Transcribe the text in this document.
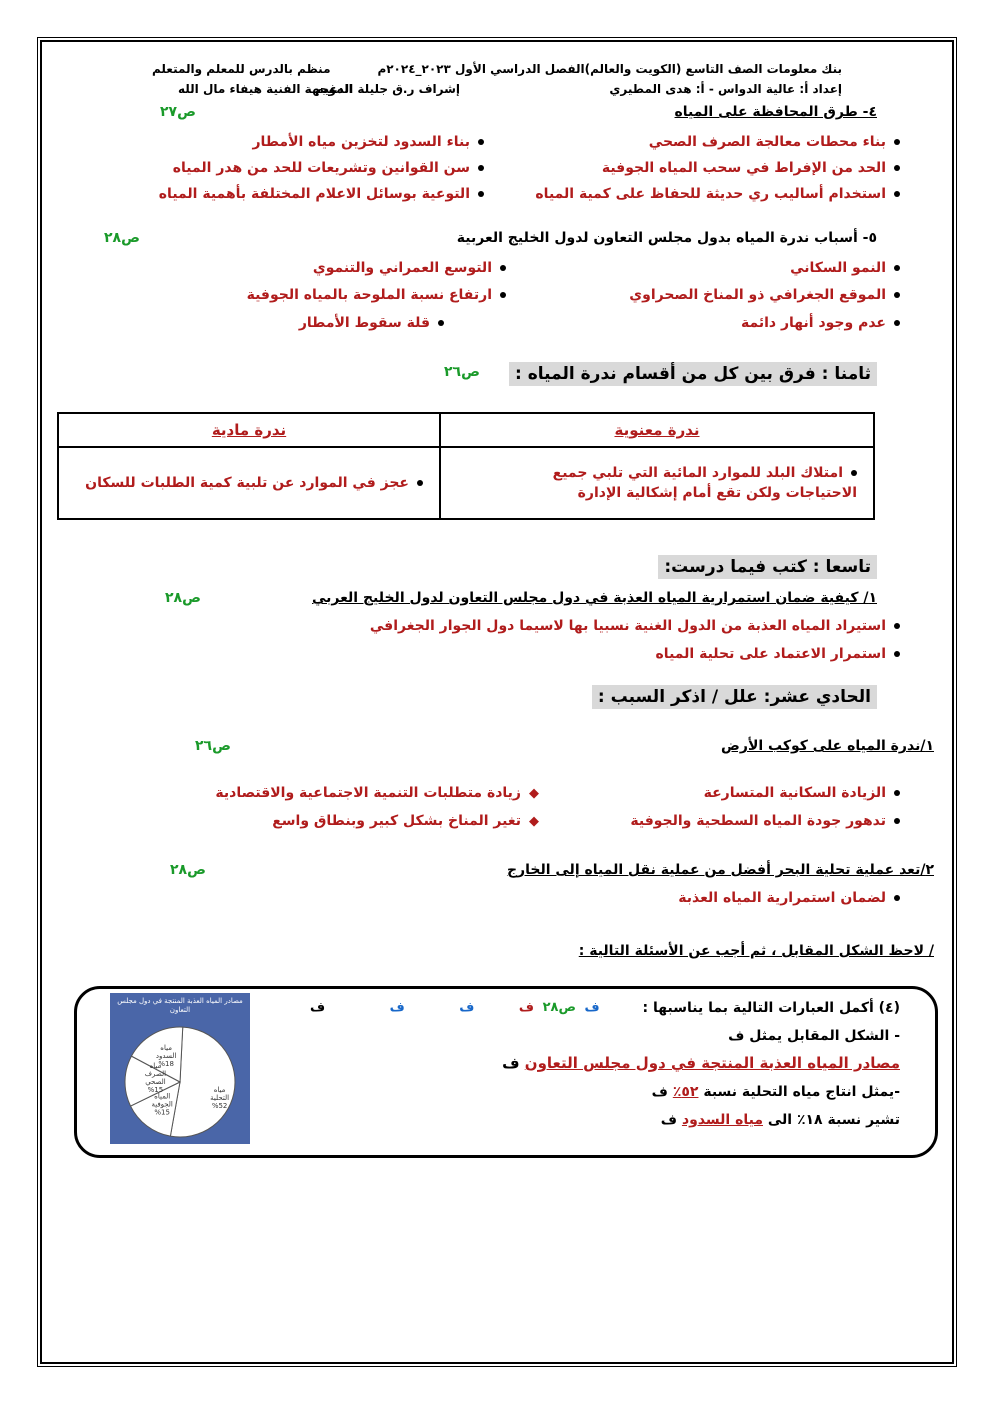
بنك معلومات الصف التاسع (الكويت والعالم)الفصل الدراسي الأول ٢٠٢٣_٢٠٢٤م
منظم بالدرس للمعلم والمتعلم
إعداد أ: عالية الدواس - أ: هدى المطيري
إشراف ر.ق جليلة الدغيم
الموجهة الفنية هيفاء مال الله
٤- طرق المحافظة على المياه
ص٢٧
بناء محطات معالجة الصرف الصحي
الحد من الإفراط في سحب المياه الجوفية
استخدام أساليب ري حديثة للحفاظ على كمية المياه
بناء السدود لتخزين مياه الأمطار
سن القوانين وتشريعات للحد من هدر المياه
التوعية بوسائل الاعلام المختلفة بأهمية المياه
٥- أسباب ندرة المياه بدول مجلس التعاون لدول الخليج العربية
ص٢٨
النمو السكاني
الموقع الجغرافي ذو المناخ الصحراوي
عدم وجود أنهار دائمة
التوسع العمراني والتنموي
ارتفاع نسبة الملوحة بالمياه الجوفية
قلة سقوط الأمطار
ثامنا : فرق بين كل من أقسام ندرة المياه :
ص٢٦
ندرة معنوية	ندرة مادية

امتلاك البلد للموارد المائية التي تلبي جميع
الاحتياجات ولكن تقع أمام إشكالية الإدارة	عجز في الموارد عن تلبية كمية الطلبات للسكان
تاسعا : كتب فيما درست:
١/ كيفية ضمان استمرارية المياه العذبة في دول مجلس التعاون لدول الخليج العربي
ص٢٨
استيراد المياه العذبة من الدول الغنية نسبيا بها لاسيما دول الجوار الجغرافي
استمرار الاعتماد على تحلية المياه
الحادي عشر: علل / اذكر السبب :
١/ندرة المياه على كوكب الأرض
ص٢٦
الزيادة السكانية المتسارعة
تدهور جودة المياه السطحية والجوفية
◆زيادة متطلبات التنمية الاجتماعية والاقتصادية
◆تغير المناخ بشكل كبير وبنطاق واسع
٢/تعد عملية تحلية البحر أفضل من عملية نقل المياه إلى الخارج
ص٢٨
لضمان استمرارية المياه العذبة
/ لاحظ الشكل المقابل ، ثم أجب عن الأسئلة التالية :
(٤) أكمل العبارات التالية بما يناسبها :
ف ص٢٨ ف ف ف ف
- الشكل المقابل يمثل ف
مصادر المياه العذبة المنتجة في دول مجلس التعاون ف
-يمثل انتاج مياه التحلية نسبة ٥٢٪ ف
تشير نسبة ١٨٪ الى مياه السدود ف
مصادر المياه العذبة المنتجة في دول مجلس التعاون
مياه التحلية %52
المياه الجوفية %15
مياه الصرف الصحي %15
مياه السدود %18
